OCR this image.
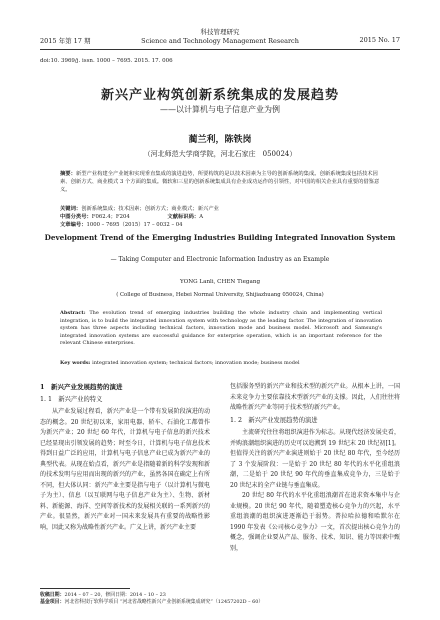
2015 年第 17 期
科技管理研究
Science and Technology Management Research	2015 No. 17
doi:10. 3969/j. issn. 1000 – 7695. 2015. 17. 006
新兴产业构筑创新系统集成的发展趋势
——以计算机与电子信息产业为例
蔺兰利，陈铁岗
（河北师范大学商学院，河北石家庄　050024）
摘要：新型产业构建全产业链和实现垂直集成的演进趋势，所要构筑的是以技术因素为主导的创新系统的集成。创新系统集成包括技术因素、创新方式、商业模式 3 个方面的集成。微软和三星的创新系统集成具有企业成功运作的引领性，对中国的相关企业具有重要的借鉴意义。
关键词：创新系统集成；技术因素；创新方式；商业模式；新兴产业
中图分类号：F062.4；F204	文献标识码：A 文章编号：1000 – 7695（2015）17 – 0032 – 04
Development Trend of the Emerging Industries Building Integrated Innovation System
— Taking Computer and Electronic Information Industry as an Example
YONG Lanli, CHEN Tiegang
( College of Business, Hebei Normal University, Shijiazhuang 050024, China)
Abstract: The evolution trend of emerging industries building the whole industry chain and implementing vertical integration, is to build the integrated innovation system with technology as the leading factor. The integration of innovation system has three aspects including technical factors, innovation mode and business model. Microsoft and Samsung's integrated innovation systems are successful guidance for enterprise operation, which is an important reference for the relevant Chinese enterprises.
Key words: integrated innovation system; technical factors; innovation mode; business model
1　新兴产业发展趋势的演进
1. 1　新兴产业的特义

从产业发展过程看，新兴产业是一个带有发展阶段演进的动态的概念。20 世纪初以来，家用电器、轿车、石油化工都曾作为新兴产业；20 世纪 60 年代，计算机与电子信息的新兴技术已经显现出引领发展的趋势；时至今日，计算机与电子信息技术得到日益广泛的应用，计算机与电子信息产业已成为新兴产业的典型代表。从现在始点看，新兴产业是指随着新的科学发现和新的技术发明与应用而出现的新兴的产业，虽然各国在确定上有所不同，但大体认同：新兴产业主要是指与电子（以计算机与微电子为主）、信息（以互联网与电子信息产业为主）、生物、新材料、新能源、海洋、空间等新技术的发展相关联的一系列新兴的产业。很显然，新兴产业对一国未来发展具有重要的战略性影响，因此又称为战略性新兴产业。广义上讲，新兴产业主要

包括服务型的新兴产业和技术型的新兴产业。从根本上讲，一国未来竞争力主要依靠技术型新兴产业的支撑。因此，人们往往将战略性新兴产业等同于技术型的新兴产业。

1. 2　新兴产业发展趋势的演进

主流研究往往将组织演进作为标志。从现代经济发展史看，并购浪潮组织演进的历史可以追溯到 19 世纪末 20 世纪初[1]。但值得关注的新兴产业演进则始于 20 世纪 80 年代，至今经历了 3 个发展阶段：一是始于 20 世纪 80 年代的水平化重组浪潮，二是始于 20 世纪 90 年代的垂直集成竞争力，三是始于 20 世纪末的全产业链与垂直集成。

20 世纪 80 年代的水平化重组浪潮首在追求资本集中与企业规模。20 世纪 90 年代，随着塑造核心竞争力的兴起，水平重组浪潮的组织演进逐渐趋于弱势。普拉哈拉德和哈默尔在 1990 年发表《公司核心竞争力》一文，首次提出核心竞争力的概念，强调企业要从产品、服务、技术、知识、能力等因素中甄别，

收稿日期：2014 – 07 – 20，修回日期：2014 – 10 – 23
基金项目：河北省科技厅软科学项目 “河北省战略性新兴产业创新系统集成研究”（12457202D – 60）
